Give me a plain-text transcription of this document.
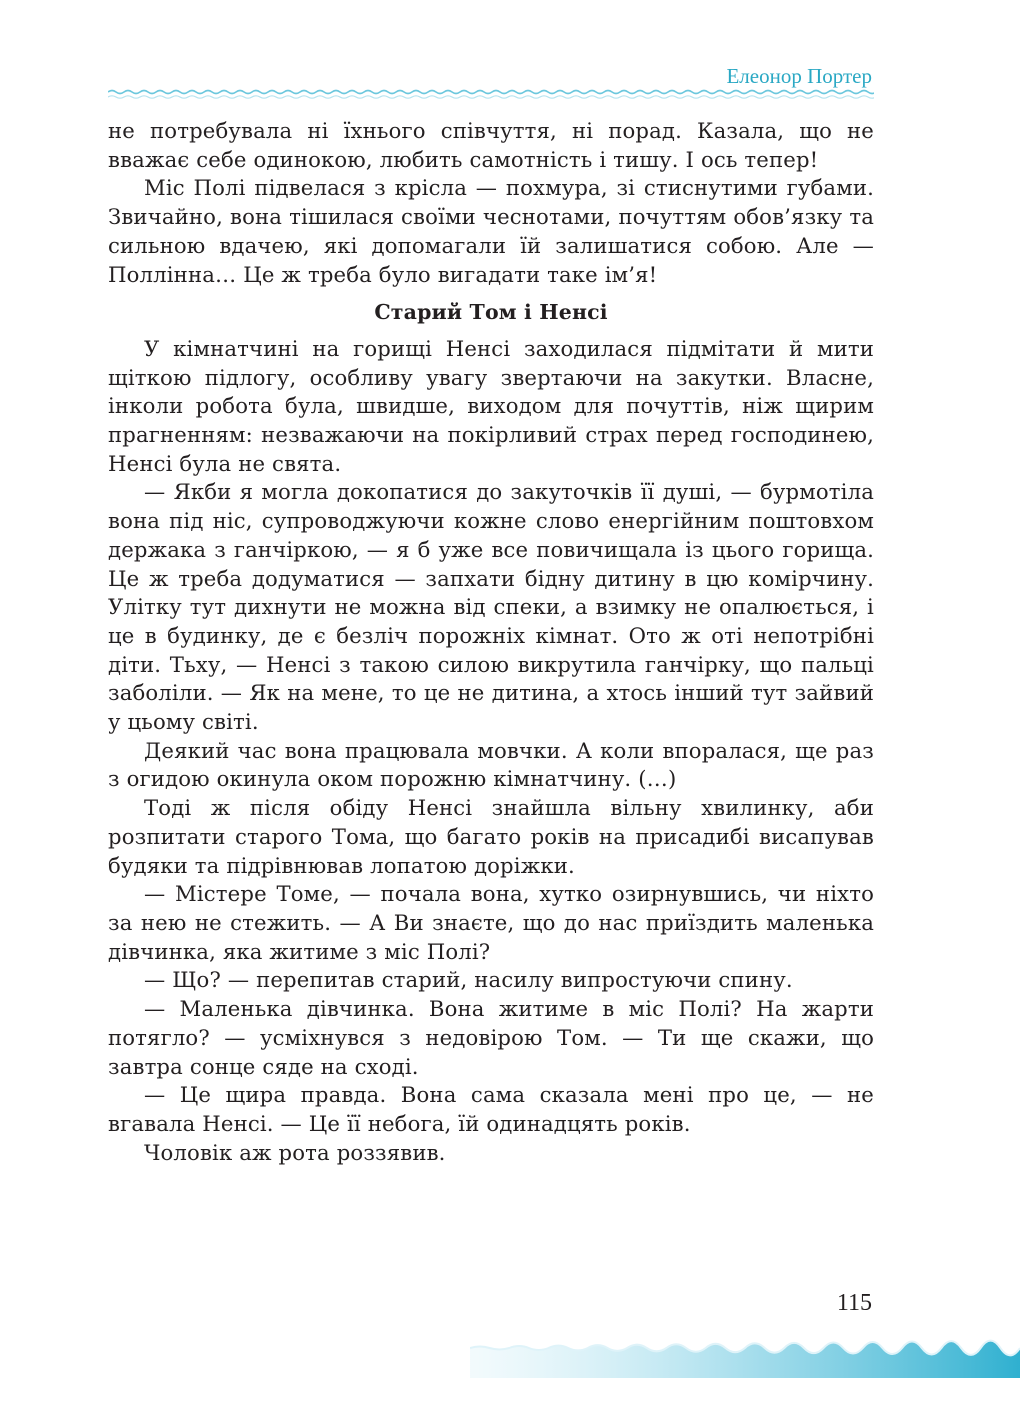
Елеонор Портер

не потребувала ні їхнього співчуття, ні порад. Казала, що не вважає себе одинокою, любить самотність і тишу. І ось тепер!

Міс Полі підвелася з крісла — похмура, зі стиснутими губами. Звичайно, вона тішилася своїми чеснотами, почуттям обов’язку та сильною вдачею, які допомагали їй залишатися собою. Але — Поллінна… Це ж треба було вигадати таке ім’я!

Старий Том і Ненсі

У кімнатчині на горищі Ненсі заходилася підмітати й мити щіткою підлогу, особливу увагу звертаючи на закутки. Власне, інколи робота була, швидше, виходом для почуттів, ніж щирим прагненням: незважаючи на покірливий страх перед господинею, Ненсі була не свята.

— Якби я могла докопатися до закуточків її душі, — бурмотіла вона під ніс, супроводжуючи кожне слово енергійним поштовхом держака з ганчіркою, — я б уже все повичищала із цього горища. Це ж треба додуматися — запхати бідну дитину в цю комірчину. Улітку тут дихнути не можна від спеки, а взимку не опалюється, і це в будинку, де є безліч порожніх кімнат. Ото ж оті непотрібні діти. Тьху, — Ненсі з такою силою викрутила ганчірку, що пальці заболіли. — Як на мене, то це не дитина, а хтось інший тут зайвий у цьому світі.

Деякий час вона працювала мовчки. А коли впоралася, ще раз з огидою окинула оком порожню кімнатчину. (…)

Тоді ж після обіду Ненсі знайшла вільну хвилинку, аби розпитати старого Тома, що багато років на присадибі висапував будяки та підрівнював лопатою доріжки.

— Містере Томе, — почала вона, хутко озирнувшись, чи ніхто за нею не стежить. — А Ви знаєте, що до нас приїздить маленька дівчинка, яка житиме з міс Полі?

— Що? — перепитав старий, насилу випростуючи спину.

— Маленька дівчинка. Вона житиме в міс Полі? На жарти потягло? — усміхнувся з недовірою Том. — Ти ще скажи, що завтра сонце сяде на сході.

— Це щира правда. Вона сама сказала мені про це, — не вгавала Ненсі. — Це її небога, їй одинадцять років.

Чоловік аж рота роззявив.

115
